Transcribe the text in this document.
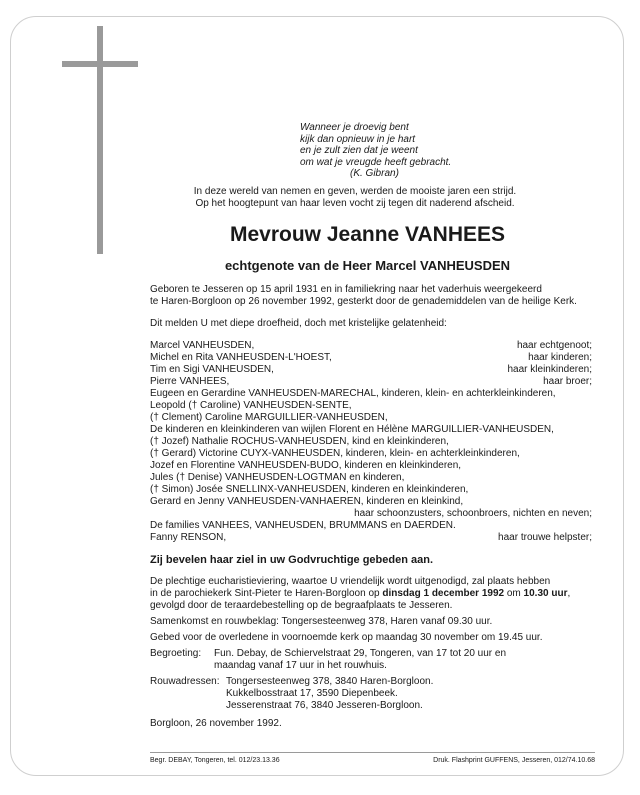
Wanneer je droevig bent
kijk dan opnieuw in je hart
en je zult zien dat je weent
om wat je vreugde heeft gebracht.
(K. Gibran)
In deze wereld van nemen en geven, werden de mooiste jaren een strijd.
Op het hoogtepunt van haar leven vocht zij tegen dit naderend afscheid.
Mevrouw Jeanne VANHEES
echtgenote van de Heer Marcel VANHEUSDEN
Geboren te Jesseren op 15 april 1931 en in familiekring naar het vaderhuis weergekeerd
te Haren-Borgloon op 26 november 1992, gesterkt door de genademiddelen van de heilige Kerk.
Dit melden U met diepe droefheid, doch met kristelijke gelatenheid:
Marcel VANHEUSDEN,	haar echtgenoot;
Michel en Rita VANHEUSDEN-L'HOEST,	haar kinderen;
Tim en Sigi VANHEUSDEN,	haar kleinkinderen;
Pierre VANHEES,	haar broer;
Eugeen en Gerardine VANHEUSDEN-MARECHAL, kinderen, klein- en achterkleinkinderen,
Leopold († Caroline) VANHEUSDEN-SENTE,
(† Clement) Caroline MARGUILLIER-VANHEUSDEN,
De kinderen en kleinkinderen van wijlen Florent en Hélène MARGUILLIER-VANHEUSDEN,
(† Jozef) Nathalie ROCHUS-VANHEUSDEN, kind en kleinkinderen,
(† Gerard) Victorine CUYX-VANHEUSDEN, kinderen, klein- en achterkleinkinderen,
Jozef en Florentine VANHEUSDEN-BUDO, kinderen en kleinkinderen,
Jules († Denise) VANHEUSDEN-LOGTMAN en kinderen,
(† Simon) Josée SNELLINX-VANHEUSDEN, kinderen en kleinkinderen,
Gerard en Jenny VANHEUSDEN-VANHAEREN, kinderen en kleinkind,
haar schoonzusters, schoonbroers, nichten en neven;
De families VANHEES, VANHEUSDEN, BRUMMANS en DAERDEN.
Fanny RENSON,	haar trouwe helpster;
Zij bevelen haar ziel in uw Godvruchtige gebeden aan.
De plechtige eucharistieviering, waartoe U vriendelijk wordt uitgenodigd, zal plaats hebben
in de parochiekerk Sint-Pieter te Haren-Borgloon op dinsdag 1 december 1992 om 10.30 uur,
gevolgd door de teraardebestelling op de begraafplaats te Jesseren.
Samenkomst en rouwbeklag: Tongersesteenweg 378, Haren vanaf 09.30 uur.
Gebed voor de overledene in voornoemde kerk op maandag 30 november om 19.45 uur.
Begroeting: Fun. Debay, de Schiervelstraat 29, Tongeren, van 17 tot 20 uur en
maandag vanaf 17 uur in het rouwhuis.
Rouwadressen: Tongersesteenweg 378, 3840 Haren-Borgloon.
Kukkelbosstraat 17, 3590 Diepenbeek.
Jesserenstraat 76, 3840 Jesseren-Borgloon.
Borgloon, 26 november 1992.
Begr. DEBAY, Tongeren, tel. 012/23.13.36	Druk. Flashprint GUFFENS, Jesseren, 012/74.10.68
